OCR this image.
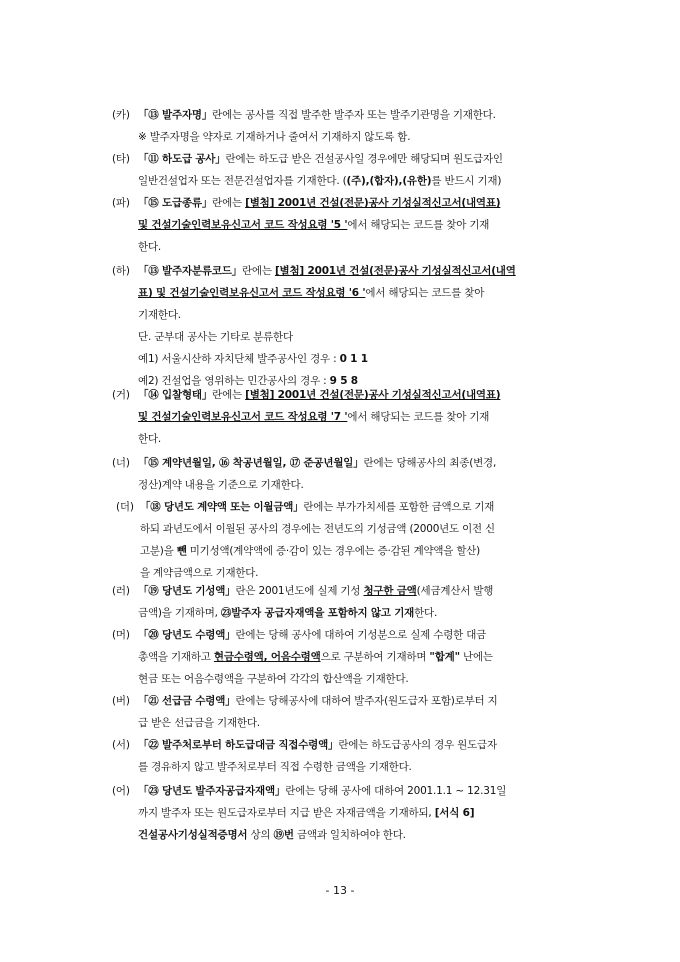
(카) 「⑬ 발주자명」란에는 공사를 직접 발주한 발주자 또는 발주기관명을 기재한다.
※ 발주자명을 약자로 기재하거나 줄여서 기재하지 않도록 함.
(타) 「⑪ 하도급 공사」란에는 하도급 받은 건설공사일 경우에만 해당되며 원도급자인
일반건설업자 또는 전문건설업자를 기재한다. ((주),(합자),(유한)를 반드시 기재)
(파) 「⑮ 도급종류」란에는 [별첨] 2001년 건설(전문)공사 기성실적신고서(내역표)
및 건설기술인력보유신고서 코드 작성요령 '5 '에서 해당되는 코드를 찾아 기재
한다.
(하) 「⑬ 발주자분류코드」란에는 [별첨] 2001년 건설(전문)공사 기성실적신고서(내역
표) 및 건설기술인력보유신고서 코드 작성요령 '6 '에서 해당되는 코드를 찾아
기재한다.
단. 군부대 공사는 기타로 분류한다
예1) 서울시산하 자치단체 발주공사인 경우 : 0 1 1
예2) 건설업을 영위하는 민간공사의 경우 : 9 5 8
(거) 「⑭ 입찰형태」란에는 [별첨] 2001년 건설(전문)공사 기성실적신고서(내역표)
및 건설기술인력보유신고서 코드 작성요령 '7 '에서 해당되는 코드를 찾아 기재
한다.
(너) 「⑮ 계약년월일, ⑯ 착공년월일, ⑰ 준공년월일」란에는 당해공사의 최종(변경,
정산)계약 내용을 기준으로 기재한다.
(더) 「⑱ 당년도 계약액 또는 이월금액」란에는 부가가치세를 포함한 금액으로 기재
하되 과년도에서 이월된 공사의 경우에는 전년도의 기성금액 (2000년도 이전 신
고분)을 뺀 미기성액(계약액에 증·감이 있는 경우에는 증·감된 계약액을 할산)
을 계약금액으로 기재한다.
(러) 「⑲ 당년도 기성액」란은 2001년도에 실제 기성 청구한 금액(세금계산서 발행
금액)을 기재하며, ㉓발주자 공급자재액을 포함하지 않고 기재한다.
(머) 「⑳ 당년도 수령액」란에는 당해 공사에 대하여 기성분으로 실제 수령한 대금
총액을 기재하고 현금수령액, 어음수령액으로 구분하여 기재하며 "합계" 난에는
현금 또는 어음수령액을 구분하여 각각의 합산액을 기재한다.
(버) 「㉑ 선급금 수령액」란에는 당해공사에 대하여 발주자(원도급자 포함)로부터 지
급 받은 선급금을 기재한다.
(서) 「㉒ 발주처로부터 하도급대금 직접수령액」란에는 하도급공사의 경우 원도급자
를 경유하지 않고 발주처로부터 직접 수령한 금액을 기재한다.
(어) 「㉓ 당년도 발주자공급자재액」란에는 당해 공사에 대하여 2001.1.1 ~ 12.31일
까지 발주자 또는 원도급자로부터 지급 받은 자재금액을 기재하되, [서식 6]
건설공사기성실적증명서 상의 ⑲번 금액과 일치하여야 한다.
- 13 -
